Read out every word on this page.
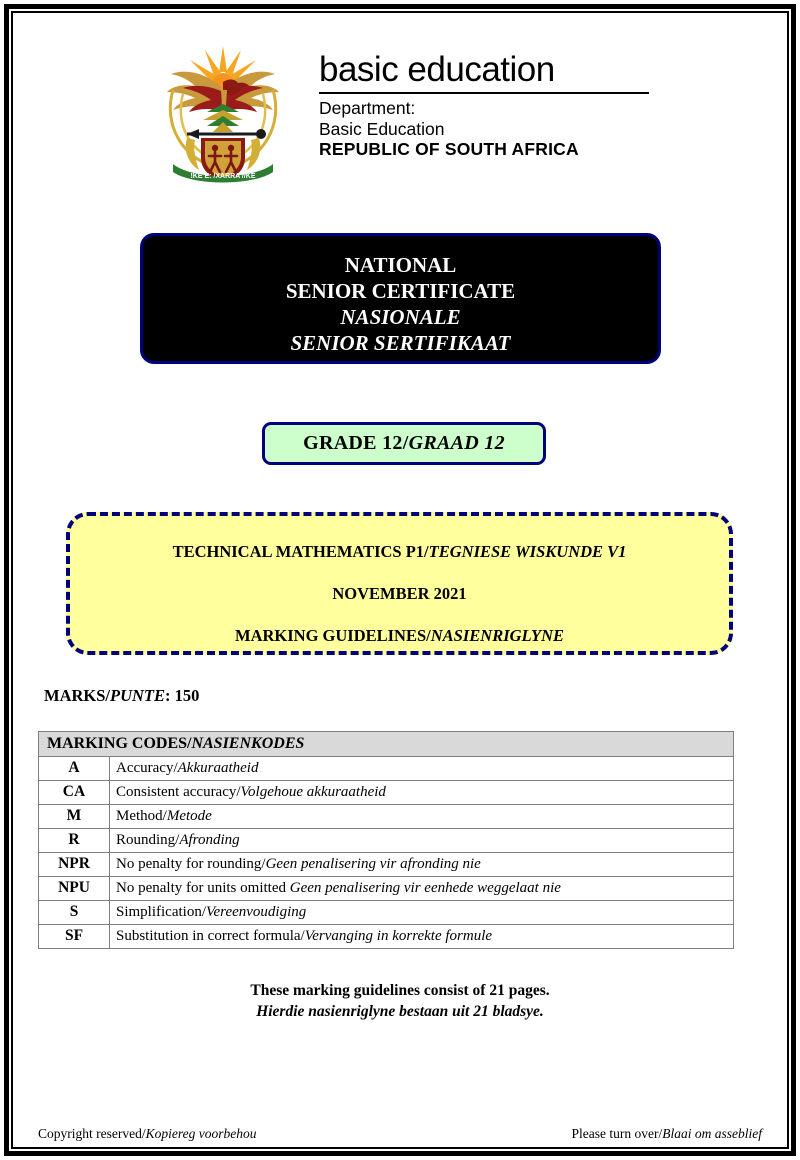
!KE E: /XARRA //KE
basic education
Department:
Basic Education
REPUBLIC OF SOUTH AFRICA
NATIONAL
SENIOR CERTIFICATE
NASIONALE
SENIOR SERTIFIKAAT
GRADE 12/GRAAD 12
TECHNICAL MATHEMATICS P1/TEGNIESE WISKUNDE V1
NOVEMBER 2021
MARKING GUIDELINES/NASIENRIGLYNE
MARKS/PUNTE: 150
MARKING CODES/NASIENKODES	
A	Accuracy/Akkuraatheid
CA	Consistent accuracy/Volgehoue akkuraatheid
M	Method/Metode
R	Rounding/Afronding
NPR	No penalty for rounding/Geen penalisering vir afronding nie
NPU	No penalty for units omitted Geen penalisering vir eenhede weggelaat nie
S	Simplification/Vereenvoudiging
SF	Substitution in correct formula/Vervanging in korrekte formule
These marking guidelines consist of 21 pages.
Hierdie nasienriglyne bestaan uit 21 bladsye.
Copyright reserved/Kopiereg voorbehou	Please turn over/Blaai om asseblief
